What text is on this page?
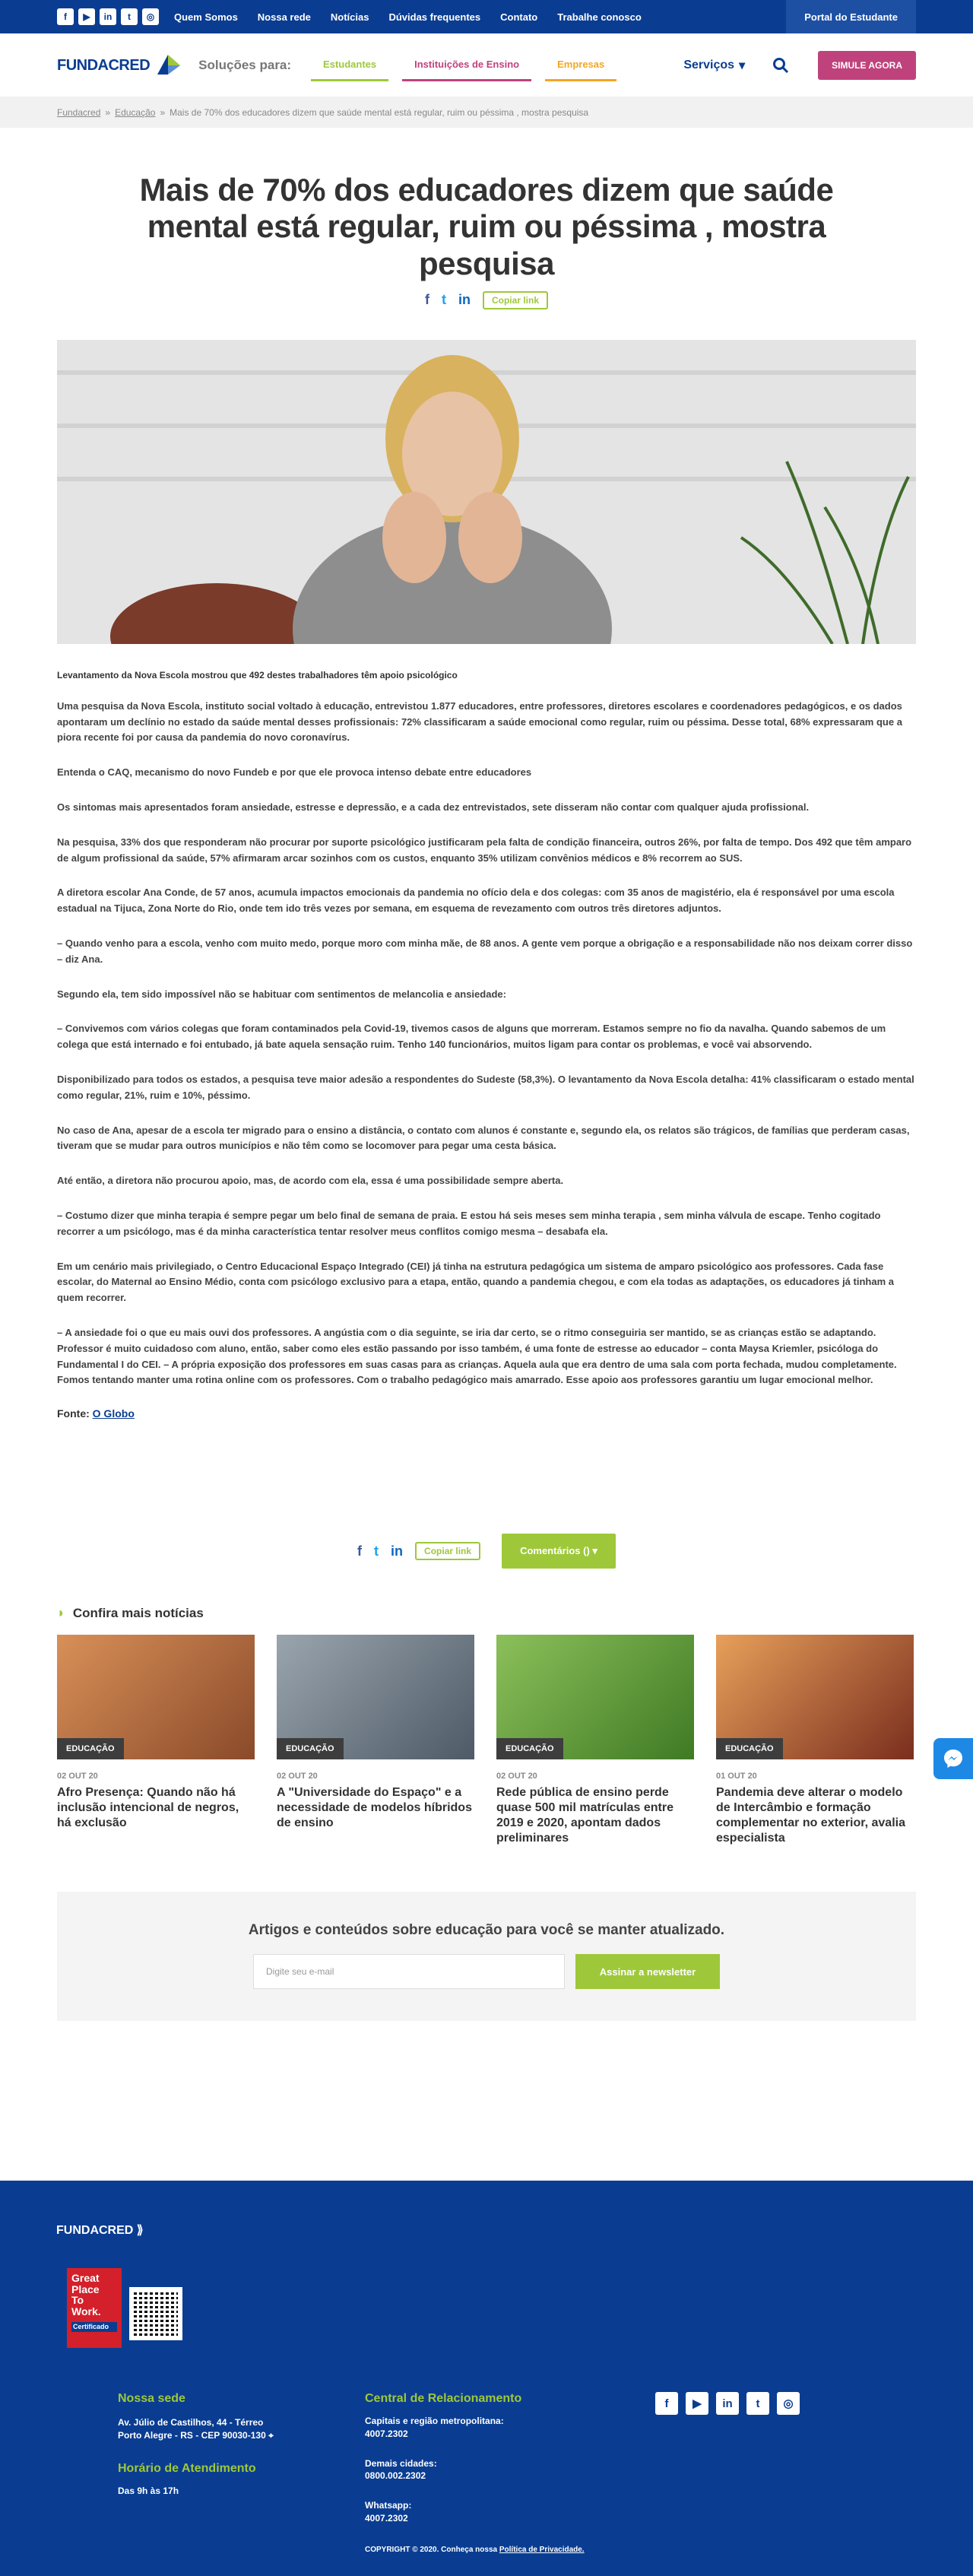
f	▶	in	t	◎	Quem Somos Nossa rede Notícias Dúvidas frequentes Contato Trabalhe conosco	Portal do Estudante
FUNDACRED	Soluções para:	Estudantes	Instituições de Ensino	Empresas	Serviços ▾	SIMULE AGORA
Fundacred » Educação » Mais de 70% dos educadores dizem que saúde mental está regular, ruim ou péssima , mostra pesquisa
Mais de 70% dos educadores dizem que saúde mental está regular, ruim ou péssima , mostra pesquisa
f t in	Copiar link

Levantamento da Nova Escola mostrou que 492 destes trabalhadores têm apoio psicológico

Uma pesquisa da Nova Escola, instituto social voltado à educação, entrevistou 1.877 educadores, entre professores, diretores escolares e coordenadores pedagógicos, e os dados apontaram um declínio no estado da saúde mental desses profissionais: 72% classificaram a saúde emocional como regular, ruim ou péssima. Desse total, 68% expressaram que a piora recente foi por causa da pandemia do novo coronavírus.

Entenda o CAQ, mecanismo do novo Fundeb e por que ele provoca intenso debate entre educadores

Os sintomas mais apresentados foram ansiedade, estresse e depressão, e a cada dez entrevistados, sete disseram não contar com qualquer ajuda profissional.

Na pesquisa, 33% dos que responderam não procurar por suporte psicológico justificaram pela falta de condição financeira, outros 26%, por falta de tempo. Dos 492 que têm amparo de algum profissional da saúde, 57% afirmaram arcar sozinhos com os custos, enquanto 35% utilizam convênios médicos e 8% recorrem ao SUS.

A diretora escolar Ana Conde, de 57 anos, acumula impactos emocionais da pandemia no ofício dela e dos colegas: com 35 anos de magistério, ela é responsável por uma escola estadual na Tijuca, Zona Norte do Rio, onde tem ido três vezes por semana, em esquema de revezamento com outros três diretores adjuntos.

– Quando venho para a escola, venho com muito medo, porque moro com minha mãe, de 88 anos. A gente vem porque a obrigação e a responsabilidade não nos deixam correr disso – diz Ana.

Segundo ela, tem sido impossível não se habituar com sentimentos de melancolia e ansiedade:

– Convivemos com vários colegas que foram contaminados pela Covid-19, tivemos casos de alguns que morreram. Estamos sempre no fio da navalha. Quando sabemos de um colega que está internado e foi entubado, já bate aquela sensação ruim. Tenho 140 funcionários, muitos ligam para contar os problemas, e você vai absorvendo.

Disponibilizado para todos os estados, a pesquisa teve maior adesão a respondentes do Sudeste (58,3%). O levantamento da Nova Escola detalha: 41% classificaram o estado mental como regular, 21%, ruim e 10%, péssimo.

No caso de Ana, apesar de a escola ter migrado para o ensino a distância, o contato com alunos é constante e, segundo ela, os relatos são trágicos, de famílias que perderam casas, tiveram que se mudar para outros municípios e não têm como se locomover para pegar uma cesta básica.

Até então, a diretora não procurou apoio, mas, de acordo com ela, essa é uma possibilidade sempre aberta.

– Costumo dizer que minha terapia é sempre pegar um belo final de semana de praia. E estou há seis meses sem minha terapia , sem minha válvula de escape. Tenho cogitado recorrer a um psicólogo, mas é da minha característica tentar resolver meus conflitos comigo mesma – desabafa ela.

Em um cenário mais privilegiado, o Centro Educacional Espaço Integrado (CEI) já tinha na estrutura pedagógica um sistema de amparo psicológico aos professores. Cada fase escolar, do Maternal ao Ensino Médio, conta com psicólogo exclusivo para a etapa, então, quando a pandemia chegou, e com ela todas as adaptações, os educadores já tinham a quem recorrer.

– A ansiedade foi o que eu mais ouvi dos professores. A angústia com o dia seguinte, se iria dar certo, se o ritmo conseguiria ser mantido, se as crianças estão se adaptando. Professor é muito cuidadoso com aluno, então, saber como eles estão passando por isso também, é uma fonte de estresse ao educador – conta Maysa Kriemler, psicóloga do Fundamental I do CEI. – A própria exposição dos professores em suas casas para as crianças. Aquela aula que era dentro de uma sala com porta fechada, mudou completamente. Fomos tentando manter uma rotina online com os professores. Com o trabalho pedagógico mais amarrado. Esse apoio aos professores garantiu um lugar emocional melhor.

Fonte: O Globo

f t in	Copiar link	Comentários () ▾
◗ Confira mais notícias
EDUCAÇÃO

02 OUT 20

Afro Presença: Quando não há inclusão intencional de negros, há exclusão

EDUCAÇÃO

02 OUT 20

A "Universidade do Espaço" e a necessidade de modelos híbridos de ensino

EDUCAÇÃO

02 OUT 20

Rede pública de ensino perde quase 500 mil matrículas entre 2019 e 2020, apontam dados preliminares

EDUCAÇÃO

01 OUT 20

Pandemia deve alterar o modelo de Intercâmbio e formação complementar no exterior, avalia especialista

Artigos e conteúdos sobre educação para você se manter atualizado.
Digite seu e-mail	Assinar a newsletter
FUNDACRED ⟫
Great
Place
To
Work.
Certificado

Nossa sede

Av. Júlio de Castilhos, 44 - Térreo

Porto Alegre - RS - CEP 90030-130 ⌖

Horário de Atendimento

Das 9h às 17h

Central de Relacionamento

Capitais e região metropolitana:

4007.2302

Demais cidades:

0800.002.2302

Whatsapp:

4007.2302

COPYRIGHT © 2020. Conheça nossa Política de Privacidade.

f	▶	in	t	◎
